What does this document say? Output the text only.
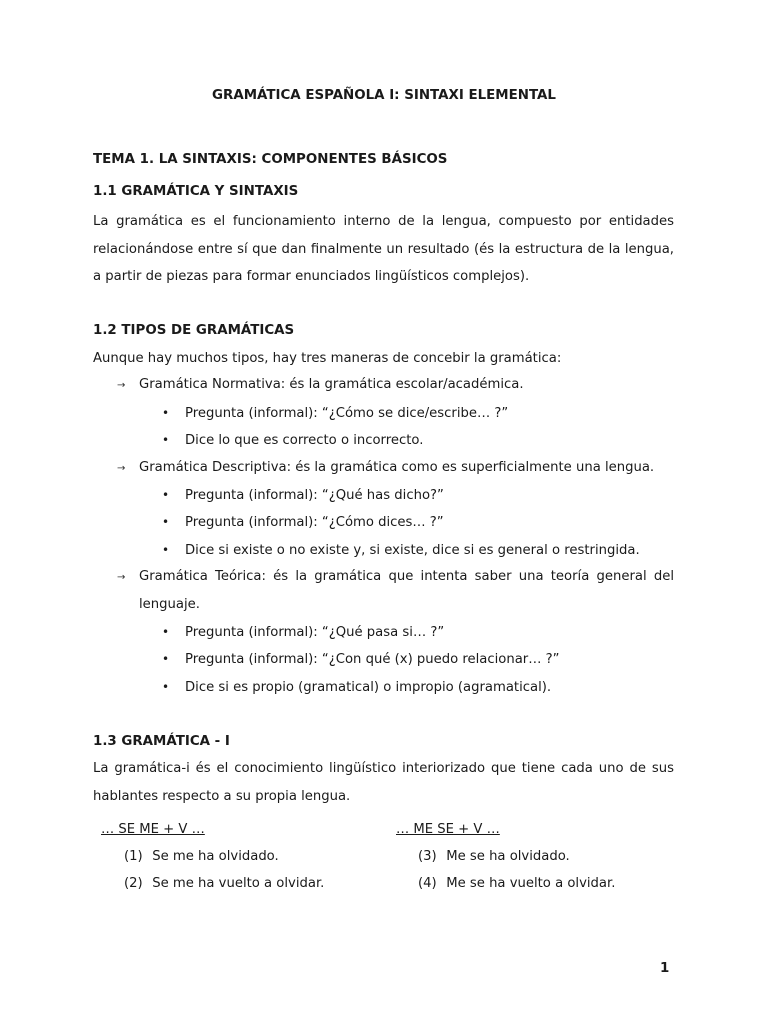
GRAMÁTICA ESPAÑOLA I: SINTAXI ELEMENTAL
TEMA 1. LA SINTAXIS: COMPONENTES BÁSICOS
1.1 GRAMÁTICA Y SINTAXIS

La gramática es el funcionamiento interno de la lengua, compuesto por entidades relacionándose entre sí que dan finalmente un resultado (és la estructura de la lengua, a partir de piezas para formar enunciados lingüísticos complejos).

1.2 TIPOS DE GRAMÁTICAS
Aunque hay muchos tipos, hay tres maneras de concebir la gramática:
→ Gramática Normativa: és la gramática escolar/académica.
• Pregunta (informal): “¿Cómo se dice/escribe… ?”
• Dice lo que es correcto o incorrecto.
→ Gramática Descriptiva: és la gramática como es superficialmente una lengua.
• Pregunta (informal): “¿Qué has dicho?”
• Pregunta (informal): “¿Cómo dices… ?”
• Dice si existe o no existe y, si existe, dice si es general o restringida.
→ Gramática Teórica: és la gramática que intenta saber una teoría general del lenguaje.
• Pregunta (informal): “¿Qué pasa si… ?”
• Pregunta (informal): “¿Con qué (x) puedo relacionar… ?”
• Dice si es propio (gramatical) o impropio (agramatical).
1.3 GRAMÁTICA - I

La gramática-i és el conocimiento lingüístico interiorizado que tiene cada uno de sus hablantes respecto a su propia lengua.

… SE ME + V …
(1) Se me ha olvidado.
(2) Se me ha vuelto a olvidar.
… ME SE + V …
(3) Me se ha olvidado.
(4) Me se ha vuelto a olvidar.
1
